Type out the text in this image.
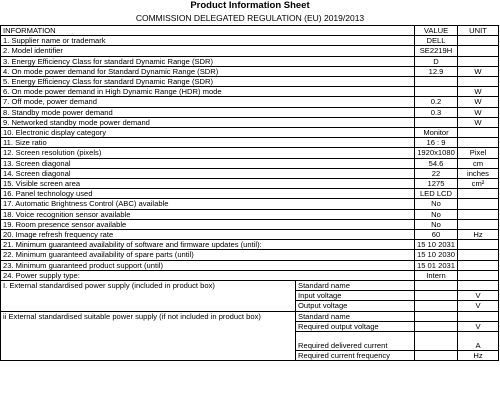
Product Information Sheet
COMMISSION DELEGATED REGULATION (EU) 2019/2013
INFORMATION		VALUE	UNIT
1. Supplier name or trademark		DELL	
2. Model identifier		SE2219H	
3. Energy Efficiency Class for standard Dynamic Range (SDR)		D	
4. On mode power demand for Standard Dynamic Range (SDR)		12.9	W
5. Energy Efficiency Class for standard Dynamic Range (SDR)			
6. On mode power demand in High Dynamic Range (HDR) mode			W
7. Off mode, power demand		0.2	W
8. Standby mode power demand		0.3	W
9. Networked standby mode power demand			W
10. Electronic display category		Monitor	
11. Size ratio		16 : 9	
12. Screen resolution (pixels)		1920x1080	Pixel
13. Screen diagonal		54.6	cm
14. Screen diagonal		22	inches
15. Visible screen area		1275	cm²
16. Panel technology used		LED LCD	
17. Automatic Brightness Control (ABC) available		No	
18. Voice recognition sensor available		No	
19. Room presence sensor available		No	
20. Image refresh frequency rate		60	Hz
21. Minimum guaranteed availability of software and firmware updates (until):		15 10 2031	
22. Minimum guaranteed availability of spare parts (until)		15 10 2030	
23. Minimum guaranteed product support (until)		15 01 2031	
24. Power supply type:		Intern	
I. External standardised power supply (included in product box)	Standard name		
	Input voltage		V
	Output voltage		V
ii External standardised suitable power supply (if not included in product box)	Standard name		
	Required output voltage		V
	Required delivered current		A
	Required current frequency		Hz
